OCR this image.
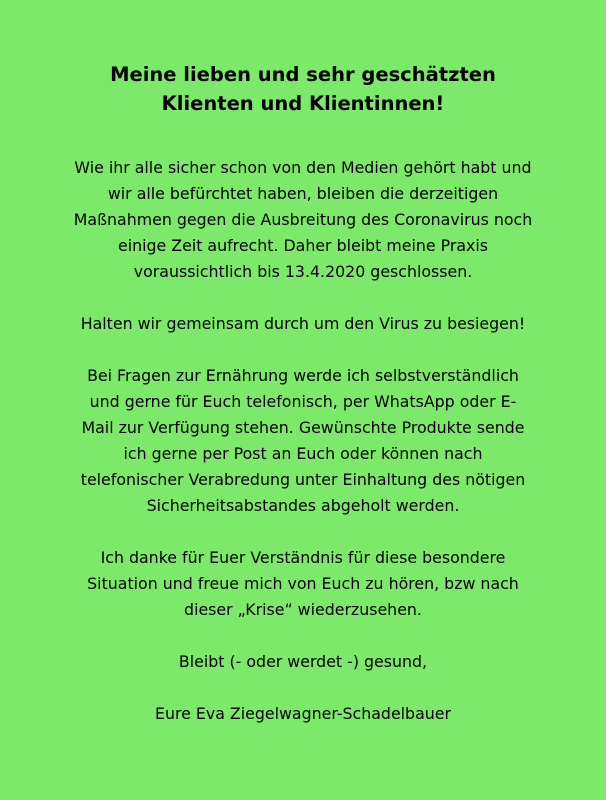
Meine lieben und sehr geschätzten
Klienten und Klientinnen!
Wie ihr alle sicher schon von den Medien gehört habt und
wir alle befürchtet haben, bleiben die derzeitigen
Maßnahmen gegen die Ausbreitung des Coronavirus noch
einige Zeit aufrecht. Daher bleibt meine Praxis
voraussichtlich bis 13.4.2020 geschlossen.
Halten wir gemeinsam durch um den Virus zu besiegen!
Bei Fragen zur Ernährung werde ich selbstverständlich
und gerne für Euch telefonisch, per WhatsApp oder E-
Mail zur Verfügung stehen. Gewünschte Produkte sende
ich gerne per Post an Euch oder können nach
telefonischer Verabredung unter Einhaltung des nötigen
Sicherheitsabstandes abgeholt werden.
Ich danke für Euer Verständnis für diese besondere
Situation und freue mich von Euch zu hören, bzw nach
dieser „Krise“ wiederzusehen.
Bleibt (- oder werdet -) gesund,
Eure Eva Ziegelwagner-Schadelbauer
